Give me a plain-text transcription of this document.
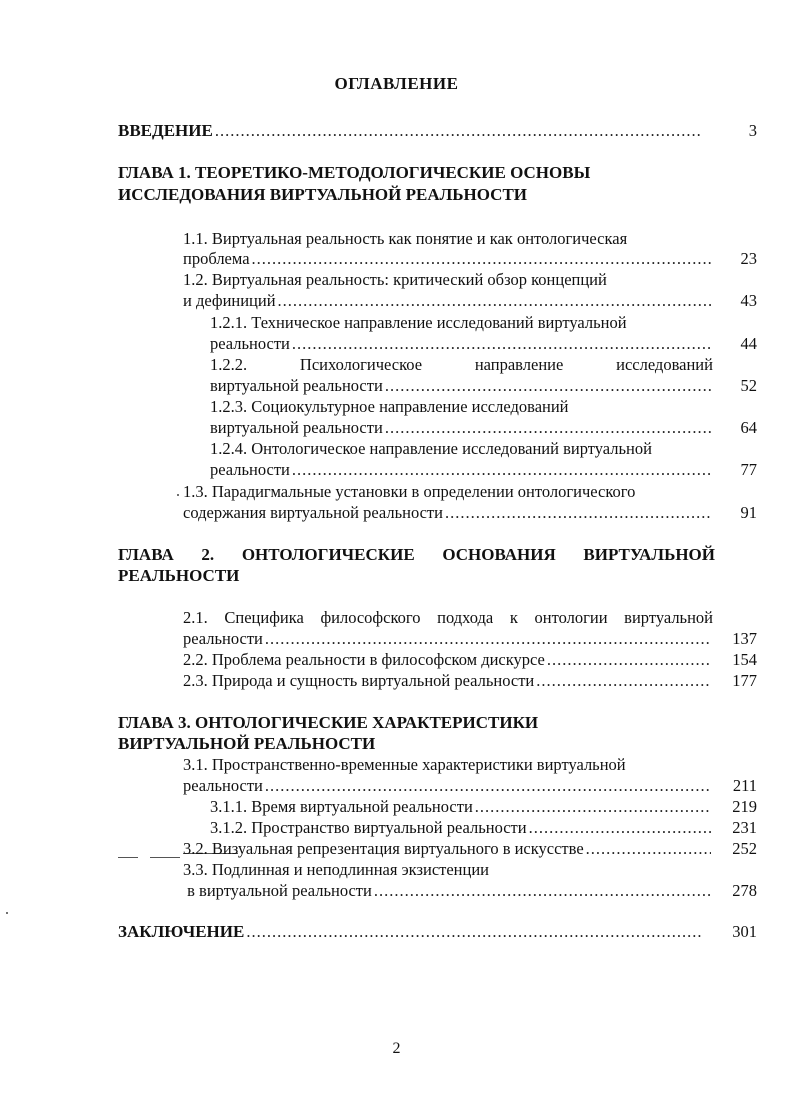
ОГЛАВЛЕНИЕ
ВВЕДЕНИЕ .....	3
ГЛАВА 1. ТЕОРЕТИКО-МЕТОДОЛОГИЧЕСКИЕ ОСНОВЫ
ИССЛЕДОВАНИЯ ВИРТУАЛЬНОЙ РЕАЛЬНОСТИ
1.1. Виртуальная реальность как понятие и как онтологическая
проблема .....	23
1.2. Виртуальная реальность: критический обзор концепций
и дефиниций .....	43
1.2.1. Техническое направление исследований виртуальной
реальности .....	44
1.2.2.	Психологическое	направление	исследований
виртуальной реальности .....	52
1.2.3. Социокультурное направление исследований
виртуальной реальности .....	64
1.2.4. Онтологическое направление исследований виртуальной
реальности .....	77
1.3. Парадигмальные установки в определении онтологического
содержания виртуальной реальности .....	91
ГЛАВА 2. ОНТОЛОГИЧЕСКИЕ ОСНОВАНИЯ ВИРТУАЛЬНОЙ
РЕАЛЬНОСТИ
2.1. Специфика философского подхода к онтологии виртуальной
реальности .....	137
2.2. Проблема реальности в философском дискурсе .....	154
2.3. Природа и сущность виртуальной реальности .....	177
ГЛАВА 3. ОНТОЛОГИЧЕСКИЕ ХАРАКТЕРИСТИКИ
ВИРТУАЛЬНОЙ РЕАЛЬНОСТИ
3.1. Пространственно-временные характеристики виртуальной
реальности .....	211
3.1.1. Время виртуальной реальности .....	219
3.1.2. Пространство виртуальной реальности .....	231
3.2. Визуальная репрезентация виртуального в искусстве .....	252
3.3. Подлинная и неподлинная экзистенции
в виртуальной реальности .....	278
ЗАКЛЮЧЕНИЕ .....	301
2
